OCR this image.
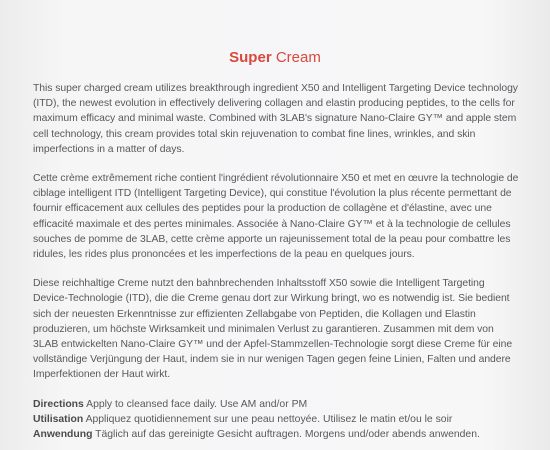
Super Cream

This super charged cream utilizes breakthrough ingredient X50 and Intelligent Targeting Device technology (ITD), the newest evolution in effectively delivering collagen and elastin producing peptides, to the cells for maximum efficacy and minimal waste. Combined with 3LAB's signature Nano-Claire GY™ and apple stem cell technology, this cream provides total skin rejuvenation to combat fine lines, wrinkles, and skin imperfections in a matter of days.

Cette crème extrêmement riche contient l'ingrédient révolutionnaire X50 et met en œuvre la technologie de ciblage intelligent ITD (Intelligent Targeting Device), qui constitue l'évolution la plus récente permettant de fournir efficacement aux cellules des peptides pour la production de collagène et d'élastine, avec une efficacité maximale et des pertes minimales. Associée à Nano-Claire GY™ et à la technologie de cellules souches de pomme de 3LAB, cette crème apporte un rajeunissement total de la peau pour combattre les ridules, les rides plus prononcées et les imperfections de la peau en quelques jours.

Diese reichhaltige Creme nutzt den bahnbrechenden Inhaltsstoff X50 sowie die Intelligent Targeting Device-Technologie (ITD), die die Creme genau dort zur Wirkung bringt, wo es notwendig ist. Sie bedient sich der neuesten Erkenntnisse zur effizienten Zellabgabe von Peptiden, die Kollagen und Elastin produzieren, um höchste Wirksamkeit und minimalen Verlust zu garantieren. Zusammen mit dem von 3LAB entwickelten Nano-Claire GY™ und der Apfel-Stammzellen-Technologie sorgt diese Creme für eine vollständige Verjüngung der Haut, indem sie in nur wenigen Tagen gegen feine Linien, Falten und andere Imperfektionen der Haut wirkt.

Directions Apply to cleansed face daily. Use AM and/or PM
Utilisation Appliquez quotidiennement sur une peau nettoyée. Utilisez le matin et/ou le soir
Anwendung Täglich auf das gereinigte Gesicht auftragen. Morgens und/oder abends anwenden.
